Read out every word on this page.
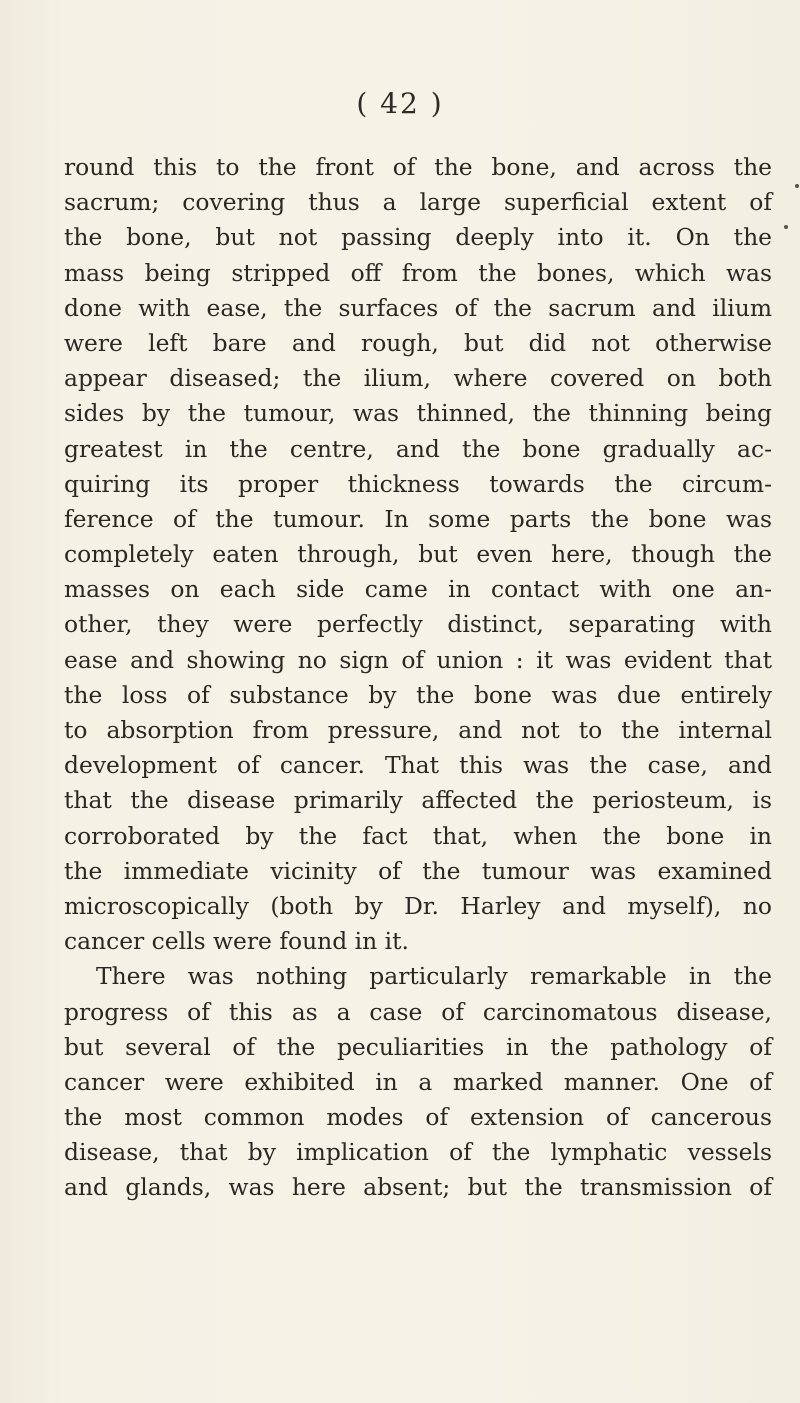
( 42 )
round this to the front of the bone, and across the
sacrum; covering thus a large superficial extent of
the bone, but not passing deeply into it. On the
mass being stripped off from the bones, which was
done with ease, the surfaces of the sacrum and ilium
were left bare and rough, but did not otherwise
appear diseased; the ilium, where covered on both
sides by the tumour, was thinned, the thinning being
greatest in the centre, and the bone gradually ac-
quiring its proper thickness towards the circum-
ference of the tumour. In some parts the bone was
completely eaten through, but even here, though the
masses on each side came in contact with one an-
other, they were perfectly distinct, separating with
ease and showing no sign of union : it was evident that
the loss of substance by the bone was due entirely
to absorption from pressure, and not to the internal
development of cancer. That this was the case, and
that the disease primarily affected the periosteum, is
corroborated by the fact that, when the bone in
the immediate vicinity of the tumour was examined
microscopically (both by Dr. Harley and myself), no
cancer cells were found in it.
There was nothing particularly remarkable in the
progress of this as a case of carcinomatous disease,
but several of the peculiarities in the pathology of
cancer were exhibited in a marked manner. One of
the most common modes of extension of cancerous
disease, that by implication of the lymphatic vessels
and glands, was here absent; but the transmission of
